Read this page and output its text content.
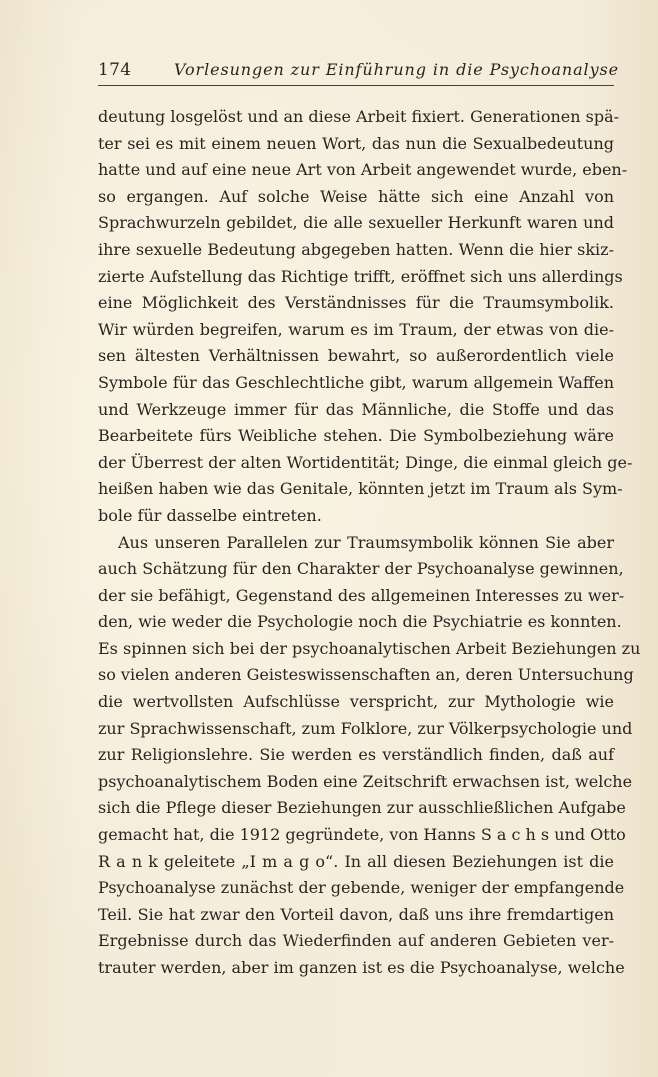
174	Vorlesungen zur Einführung in die Psychoanalyse
deutung losgelöst und an diese Arbeit fixiert. Generationen spä-
ter sei es mit einem neuen Wort, das nun die Sexualbedeutung
hatte und auf eine neue Art von Arbeit angewendet wurde, eben-
so ergangen. Auf solche Weise hätte sich eine Anzahl von
Sprachwurzeln gebildet, die alle sexueller Herkunft waren und
ihre sexuelle Bedeutung abgegeben hatten. Wenn die hier skiz-
zierte Aufstellung das Richtige trifft, eröffnet sich uns allerdings
eine Möglichkeit des Verständnisses für die Traumsymbolik.
Wir würden begreifen, warum es im Traum, der etwas von die-
sen ältesten Verhältnissen bewahrt, so außerordentlich viele
Symbole für das Geschlechtliche gibt, warum allgemein Waffen
und Werkzeuge immer für das Männliche, die Stoffe und das
Bearbeitete fürs Weibliche stehen. Die Symbolbeziehung wäre
der Überrest der alten Wortidentität; Dinge, die einmal gleich ge-
heißen haben wie das Genitale, könnten jetzt im Traum als Sym-
bole für dasselbe eintreten.
Aus unseren Parallelen zur Traumsymbolik können Sie aber
auch Schätzung für den Charakter der Psychoanalyse gewinnen,
der sie befähigt, Gegenstand des allgemeinen Interesses zu wer-
den, wie weder die Psychologie noch die Psychiatrie es konnten.
Es spinnen sich bei der psychoanalytischen Arbeit Beziehungen zu
so vielen anderen Geisteswissenschaften an, deren Untersuchung
die wertvollsten Aufschlüsse verspricht, zur Mythologie wie
zur Sprachwissenschaft, zum Folklore, zur Völkerpsychologie und
zur Religionslehre. Sie werden es verständlich finden, daß auf
psychoanalytischem Boden eine Zeitschrift erwachsen ist, welche
sich die Pflege dieser Beziehungen zur ausschließlichen Aufgabe
gemacht hat, die 1912 gegründete, von Hanns S a c h s und Otto
R a n k geleitete „I m a g o“. In all diesen Beziehungen ist die
Psychoanalyse zunächst der gebende, weniger der empfangende
Teil. Sie hat zwar den Vorteil davon, daß uns ihre fremdartigen
Ergebnisse durch das Wiederfinden auf anderen Gebieten ver-
trauter werden, aber im ganzen ist es die Psychoanalyse, welche
